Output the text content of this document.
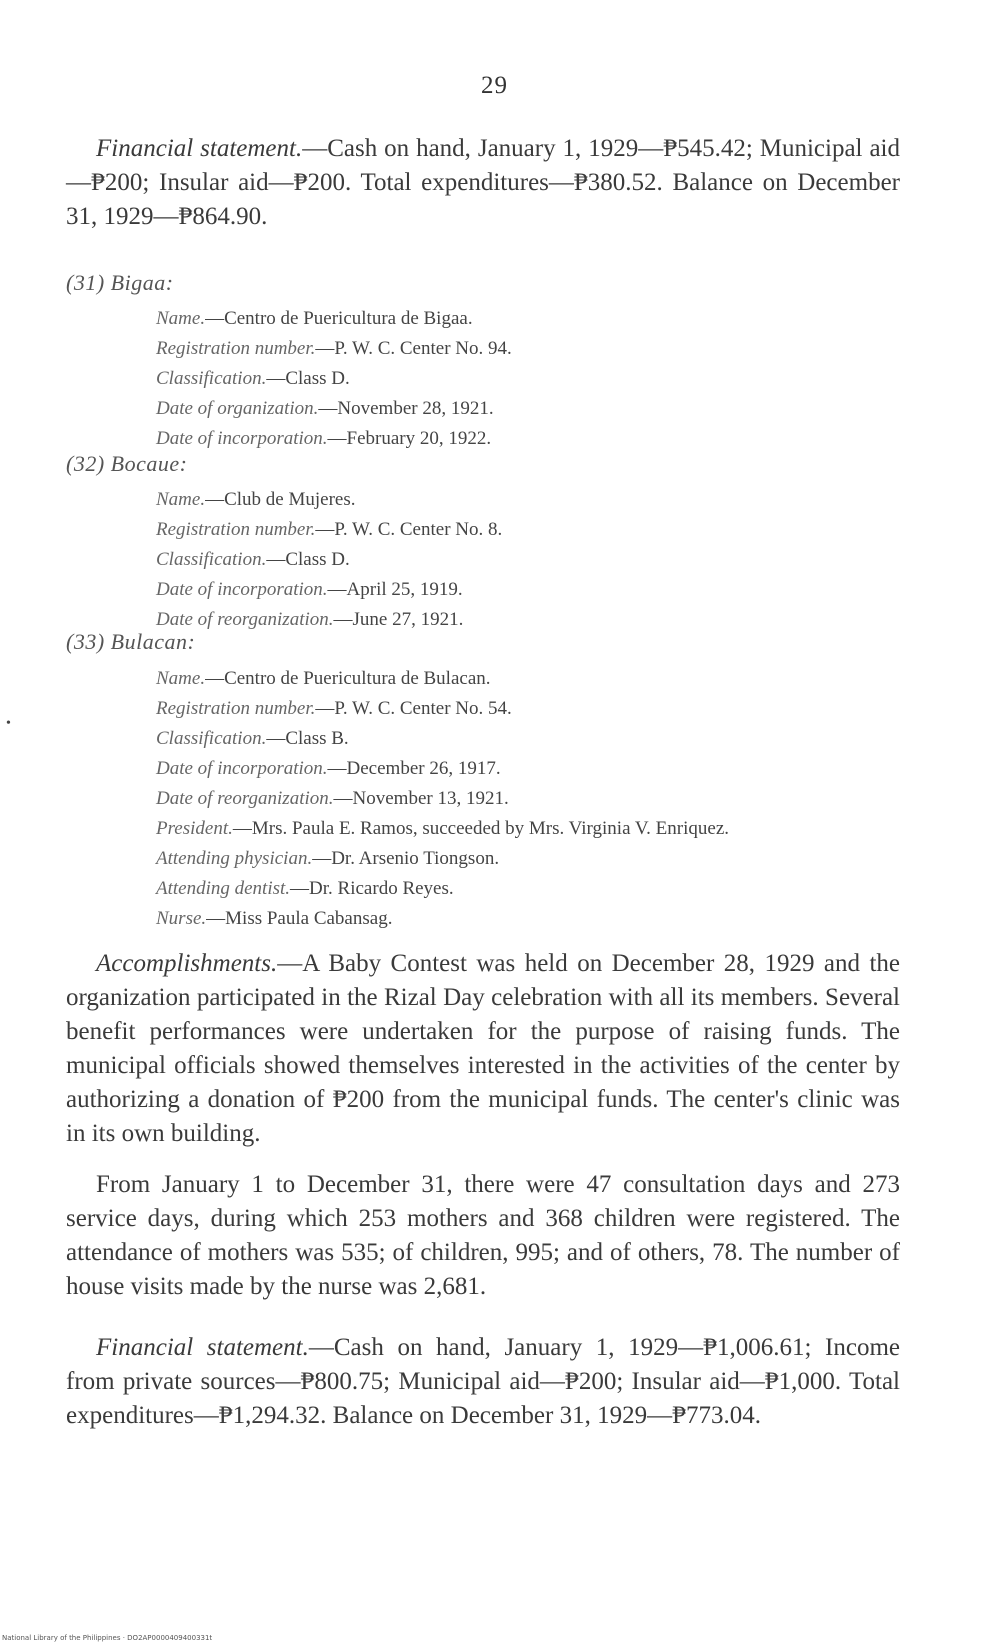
29
Financial statement.—Cash on hand, January 1, 1929—₱545.42; Municipal aid—₱200; Insular aid—₱200. Total expenditures—₱380.52. Balance on December 31, 1929—₱864.90.
(31) Bigaa:
Name.—Centro de Puericultura de Bigaa.
Registration number.—P. W. C. Center No. 94.
Classification.—Class D.
Date of organization.—November 28, 1921.
Date of incorporation.—February 20, 1922.
(32) Bocaue:
Name.—Club de Mujeres.
Registration number.—P. W. C. Center No. 8.
Classification.—Class D.
Date of incorporation.—April 25, 1919.
Date of reorganization.—June 27, 1921.
(33) Bulacan:
Name.—Centro de Puericultura de Bulacan.
Registration number.—P. W. C. Center No. 54.
Classification.—Class B.
Date of incorporation.—December 26, 1917.
Date of reorganization.—November 13, 1921.
President.—Mrs. Paula E. Ramos, succeeded by Mrs. Virginia V. Enriquez.
Attending physician.—Dr. Arsenio Tiongson.
Attending dentist.—Dr. Ricardo Reyes.
Nurse.—Miss Paula Cabansag.
•
Accomplishments.—A Baby Contest was held on December 28, 1929 and the organization participated in the Rizal Day celebration with all its members. Several benefit performances were undertaken for the purpose of raising funds. The municipal officials showed themselves interested in the activities of the center by authorizing a donation of ₱200 from the municipal funds. The center's clinic was in its own building.
From January 1 to December 31, there were 47 consultation days and 273 service days, during which 253 mothers and 368 children were registered. The attendance of mothers was 535; of children, 995; and of others, 78. The number of house visits made by the nurse was 2,681.
Financial statement.—Cash on hand, January 1, 1929—₱1,006.61; Income from private sources—₱800.75; Municipal aid—₱200; Insular aid—₱1,000. Total expenditures—₱1,294.32. Balance on December 31, 1929—₱773.04.
National Library of the Philippines · DO2AP0000409400331t
